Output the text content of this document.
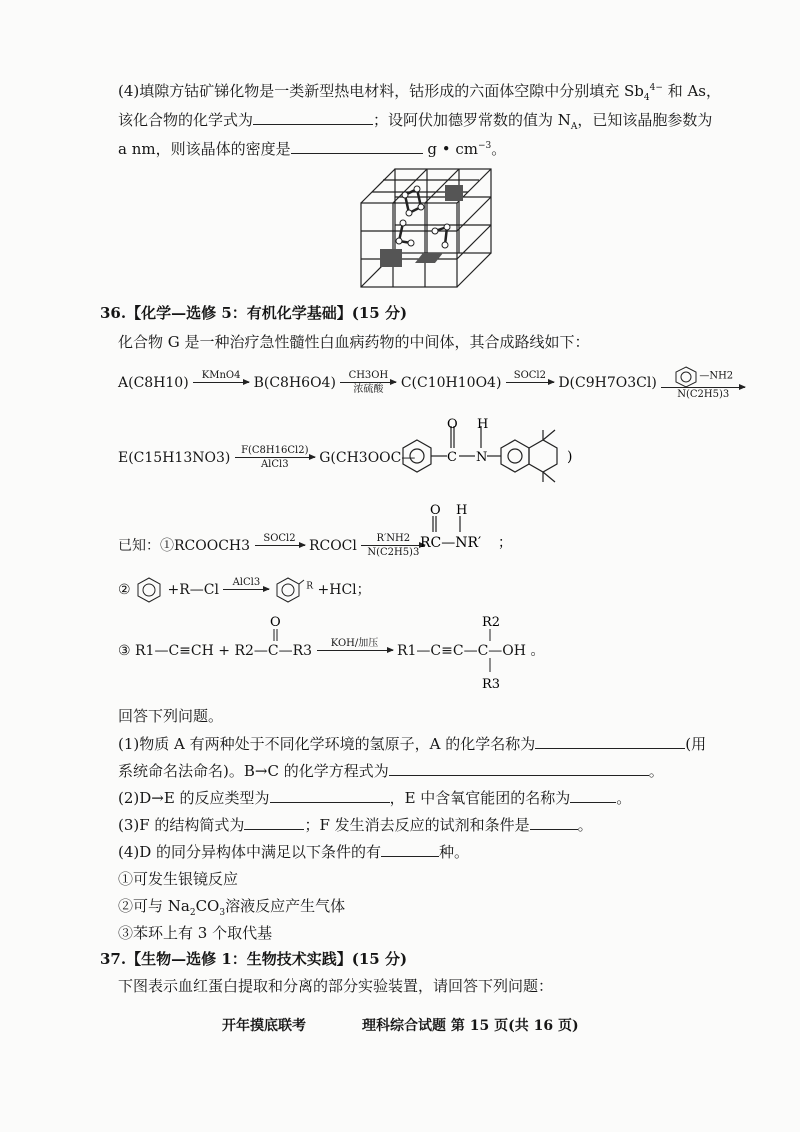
(4)填隙方钴矿锑化物是一类新型热电材料，钴形成的六面体空隙中分别填充 $Sb_4^{4-}$ 和 As，
该化合物的化学式为	；设阿伏加德罗常数的值为 $N_A$，已知该晶胞参数为
a nm，则该晶体的密度是	g • $cm^{-3}$。
36.【化学—选修 5：有机化学基础】(15 分)
化合物 G 是一种治疗急性髓性白血病药物的中间体，其合成路线如下：
A(C8H10)	KMnO4
B(C8H6O4)	CH3OH
浓硫酸	C(C10H10O4)	SOCl2
$D(C9H7O3Cl) \frac{—NH2}{N(C2H5)3}$
E(C15H13NO3)	F(C8H16Cl2)
AlCl3	G(CH3OOC—
O
C
H
N	)
已知：①RCOOCH3	SOCl2
RCOCl $\frac{R'NH2}{N(C2H5)3}$
O H
RC—NR′ ；
②	+R—Cl	AlCl3
	$^R$ +HCl；
③ R1—C≡CH + R2—C—R3	KOH/加压
	R1—C≡C—C—OH 。
O	R2
R3
回答下列问题。
(1)物质 A 有两种处于不同化学环境的氢原子，A 的化学名称为	(用
系统命名法命名)。B→C 的化学方程式为	。
(2)D→E 的反应类型为	，E 中含氧官能团的名称为	。
(3)F 的结构简式为	；F 发生消去反应的试剂和条件是	。
(4)D 的同分异构体中满足以下条件的有	种。
①可发生银镜反应
②可与 $Na_2CO_3$溶液反应产生气体
③苯环上有 3 个取代基
37.【生物—选修 1：生物技术实践】(15 分)
下图表示血红蛋白提取和分离的部分实验装置，请回答下列问题：
开年摸底联考	理科综合试题 第 15 页(共 16 页)
